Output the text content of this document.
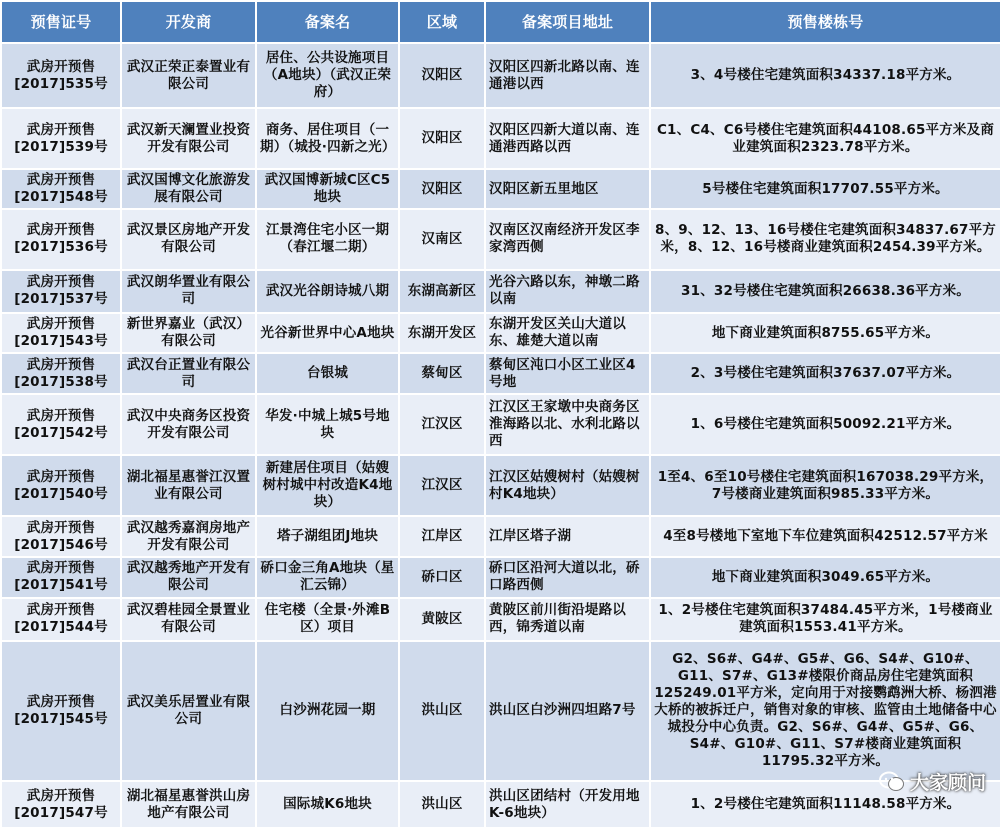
预售证号	开发商	备案名	区域	备案项目地址	预售楼栋号
武房开预售[2017]535号	武汉正荣正泰置业有限公司	居住、公共设施项目（A地块）（武汉正荣府）	汉阳区	汉阳区四新北路以南、连通港以西	3、4号楼住宅建筑面积34337.18平方米。
武房开预售[2017]539号	武汉新天澜置业投资开发有限公司	商务、居住项目（一期）（城投·四新之光）	汉阳区	汉阳区四新大道以南、连通港西路以西	C1、C4、C6号楼住宅建筑面积44108.65平方米及商业建筑面积2323.78平方米。
武房开预售[2017]548号	武汉国博文化旅游发展有限公司	武汉国博新城C区C5地块	汉阳区	汉阳区新五里地区	5号楼住宅建筑面积17707.55平方米。
武房开预售[2017]536号	武汉景区房地产开发有限公司	江景湾住宅小区一期（春江堰二期）	汉南区	汉南区汉南经济开发区李家湾西侧	8、9、12、13、16号楼住宅建筑面积34837.67平方米，8、12、16号楼商业建筑面积2454.39平方米。
武房开预售[2017]537号	武汉朗华置业有限公司	武汉光谷朗诗城八期	东湖高新区	光谷六路以东，神墩二路以南	31、32号楼住宅建筑面积26638.36平方米。
武房开预售[2017]543号	新世界嘉业（武汉）有限公司	光谷新世界中心A地块	东湖开发区	东湖开发区关山大道以东、雄楚大道以南	地下商业建筑面积8755.65平方米。
武房开预售[2017]538号	武汉台正置业有限公司	台银城	蔡甸区	蔡甸区沌口小区工业区4号地	2、3号楼住宅建筑面积37637.07平方米。
武房开预售[2017]542号	武汉中央商务区投资开发有限公司	华发·中城上城5号地块	江汉区	江汉区王家墩中央商务区淮海路以北、水利北路以西	1、6号楼住宅建筑面积50092.21平方米。
武房开预售[2017]540号	湖北福星惠誉江汉置业有限公司	新建居住项目（姑嫂树村城中村改造K4地块）	江汉区	江汉区姑嫂树村（姑嫂树村K4地块）	1至4、6至10号楼住宅建筑面积167038.29平方米，7号楼商业建筑面积985.33平方米。
武房开预售[2017]546号	武汉越秀嘉润房地产开发有限公司	塔子湖组团J地块	江岸区	江岸区塔子湖	4至8号楼地下室地下车位建筑面积42512.57平方米
武房开预售[2017]541号	武汉越秀地产开发有限公司	硚口金三角A地块（星汇云锦）	硚口区	硚口区沿河大道以北，硚口路西侧	地下商业建筑面积3049.65平方米。
武房开预售[2017]544号	武汉碧桂园全景置业有限公司	住宅楼（全景·外滩B区）项目	黄陂区	黄陂区前川街沿堤路以西，锦秀道以南	1、2号楼住宅建筑面积37484.45平方米，1号楼商业建筑面积1553.41平方米。
武房开预售[2017]545号	武汉美乐居置业有限公司	白沙洲花园一期	洪山区	洪山区白沙洲四坦路7号	G2、S6#、G4#、G5#、G6、S4#、G10#、G11、S7#、G13#楼限价商品房住宅建筑面积125249.01平方米，定向用于对接鹦鹉洲大桥、杨泗港大桥的被拆迁户，销售对象的审核、监管由土地储备中心城投分中心负责。G2、S6#、G4#、G5#、G6、S4#、G10#、G11、S7#楼商业建筑面积11795.32平方米。
武房开预售[2017]547号	湖北福星惠誉洪山房地产有限公司	国际城K6地块	洪山区	洪山区团结村（开发用地K-6地块）	1、2号楼住宅建筑面积11148.58平方米。
大家顾问
